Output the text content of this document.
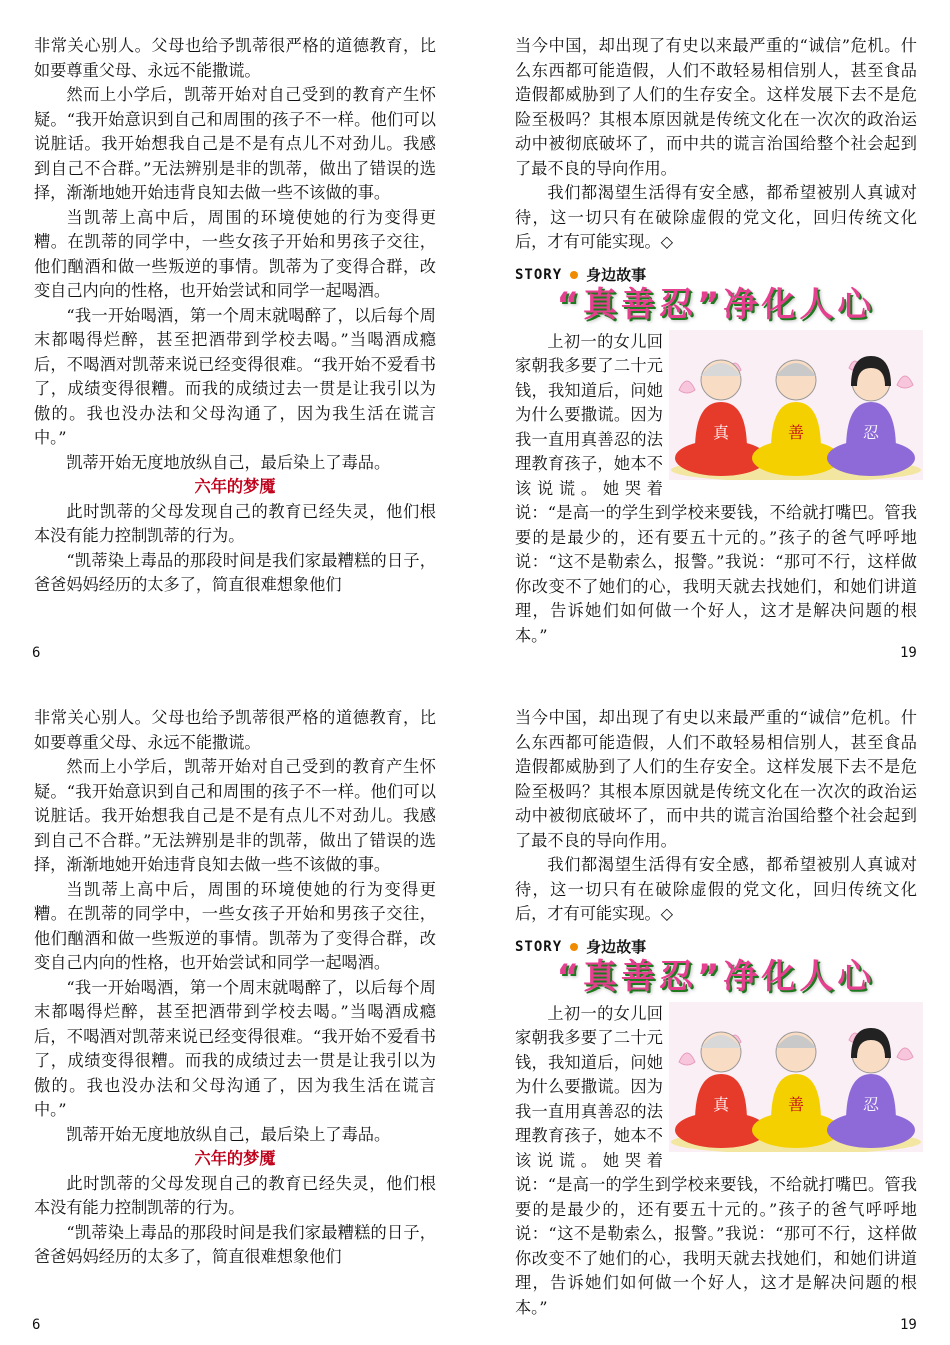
非常关心别人。父母也给予凯蒂很严格的道德教育，比如要尊重父母、永远不能撒谎。

然而上小学后，凯蒂开始对自己受到的教育产生怀疑。“我开始意识到自己和周围的孩子不一样。他们可以说脏话。我开始想我自己是不是有点儿不对劲儿。我感到自己不合群。”无法辨别是非的凯蒂，做出了错误的选择，渐渐地她开始违背良知去做一些不该做的事。

当凯蒂上高中后，周围的环境使她的行为变得更糟。在凯蒂的同学中，一些女孩子开始和男孩子交往，他们酗酒和做一些叛逆的事情。凯蒂为了变得合群，改变自己内向的性格，也开始尝试和同学一起喝酒。

“我一开始喝酒，第一个周末就喝醉了，以后每个周末都喝得烂醉，甚至把酒带到学校去喝。”当喝酒成瘾后，不喝酒对凯蒂来说已经变得很难。“我开始不爱看书了，成绩变得很糟。而我的成绩过去一贯是让我引以为傲的。我也没办法和父母沟通了，因为我生活在谎言中。”

凯蒂开始无度地放纵自己，最后染上了毒品。

六年的梦魇

此时凯蒂的父母发现自己的教育已经失灵，他们根本没有能力控制凯蒂的行为。

“凯蒂染上毒品的那段时间是我们家最糟糕的日子，爸爸妈妈经历的太多了，简直很难想象他们

6

当今中国，却出现了有史以来最严重的“诚信”危机。什么东西都可能造假，人们不敢轻易相信别人，甚至食品造假都威胁到了人们的生存安全。这样发展下去不是危险至极吗？其根本原因就是传统文化在一次次的政治运动中被彻底破坏了，而中共的谎言治国给整个社会起到了最不良的导向作用。

我们都渴望生活得有安全感，都希望被别人真诚对待，这一切只有在破除虚假的党文化，回归传统文化后，才有可能实现。◇

STORY 身边故事
“真善忍”净化人心
真	善	忍

上初一的女儿回家朝我多要了二十元钱，我知道后，问她为什么要撒谎。因为我一直用真善忍的法理教育孩子，她本不该说谎。她哭着说：“是高一的学生到学校来要钱，不给就打嘴巴。管我要的是最少的，还有要五十元的。”孩子的爸气呼呼地说：“这不是勒索么，报警。”我说：“那可不行，这样做你改变不了她们的心，我明天就去找她们，和她们讲道理，告诉她们如何做一个好人，这才是解决问题的根本。”

19

非常关心别人。父母也给予凯蒂很严格的道德教育，比如要尊重父母、永远不能撒谎。

然而上小学后，凯蒂开始对自己受到的教育产生怀疑。“我开始意识到自己和周围的孩子不一样。他们可以说脏话。我开始想我自己是不是有点儿不对劲儿。我感到自己不合群。”无法辨别是非的凯蒂，做出了错误的选择，渐渐地她开始违背良知去做一些不该做的事。

当凯蒂上高中后，周围的环境使她的行为变得更糟。在凯蒂的同学中，一些女孩子开始和男孩子交往，他们酗酒和做一些叛逆的事情。凯蒂为了变得合群，改变自己内向的性格，也开始尝试和同学一起喝酒。

“我一开始喝酒，第一个周末就喝醉了，以后每个周末都喝得烂醉，甚至把酒带到学校去喝。”当喝酒成瘾后，不喝酒对凯蒂来说已经变得很难。“我开始不爱看书了，成绩变得很糟。而我的成绩过去一贯是让我引以为傲的。我也没办法和父母沟通了，因为我生活在谎言中。”

凯蒂开始无度地放纵自己，最后染上了毒品。

六年的梦魇

此时凯蒂的父母发现自己的教育已经失灵，他们根本没有能力控制凯蒂的行为。

“凯蒂染上毒品的那段时间是我们家最糟糕的日子，爸爸妈妈经历的太多了，简直很难想象他们

6

当今中国，却出现了有史以来最严重的“诚信”危机。什么东西都可能造假，人们不敢轻易相信别人，甚至食品造假都威胁到了人们的生存安全。这样发展下去不是危险至极吗？其根本原因就是传统文化在一次次的政治运动中被彻底破坏了，而中共的谎言治国给整个社会起到了最不良的导向作用。

我们都渴望生活得有安全感，都希望被别人真诚对待，这一切只有在破除虚假的党文化，回归传统文化后，才有可能实现。◇

STORY 身边故事
“真善忍”净化人心
真	善	忍

上初一的女儿回家朝我多要了二十元钱，我知道后，问她为什么要撒谎。因为我一直用真善忍的法理教育孩子，她本不该说谎。她哭着说：“是高一的学生到学校来要钱，不给就打嘴巴。管我要的是最少的，还有要五十元的。”孩子的爸气呼呼地说：“这不是勒索么，报警。”我说：“那可不行，这样做你改变不了她们的心，我明天就去找她们，和她们讲道理，告诉她们如何做一个好人，这才是解决问题的根本。”

19
